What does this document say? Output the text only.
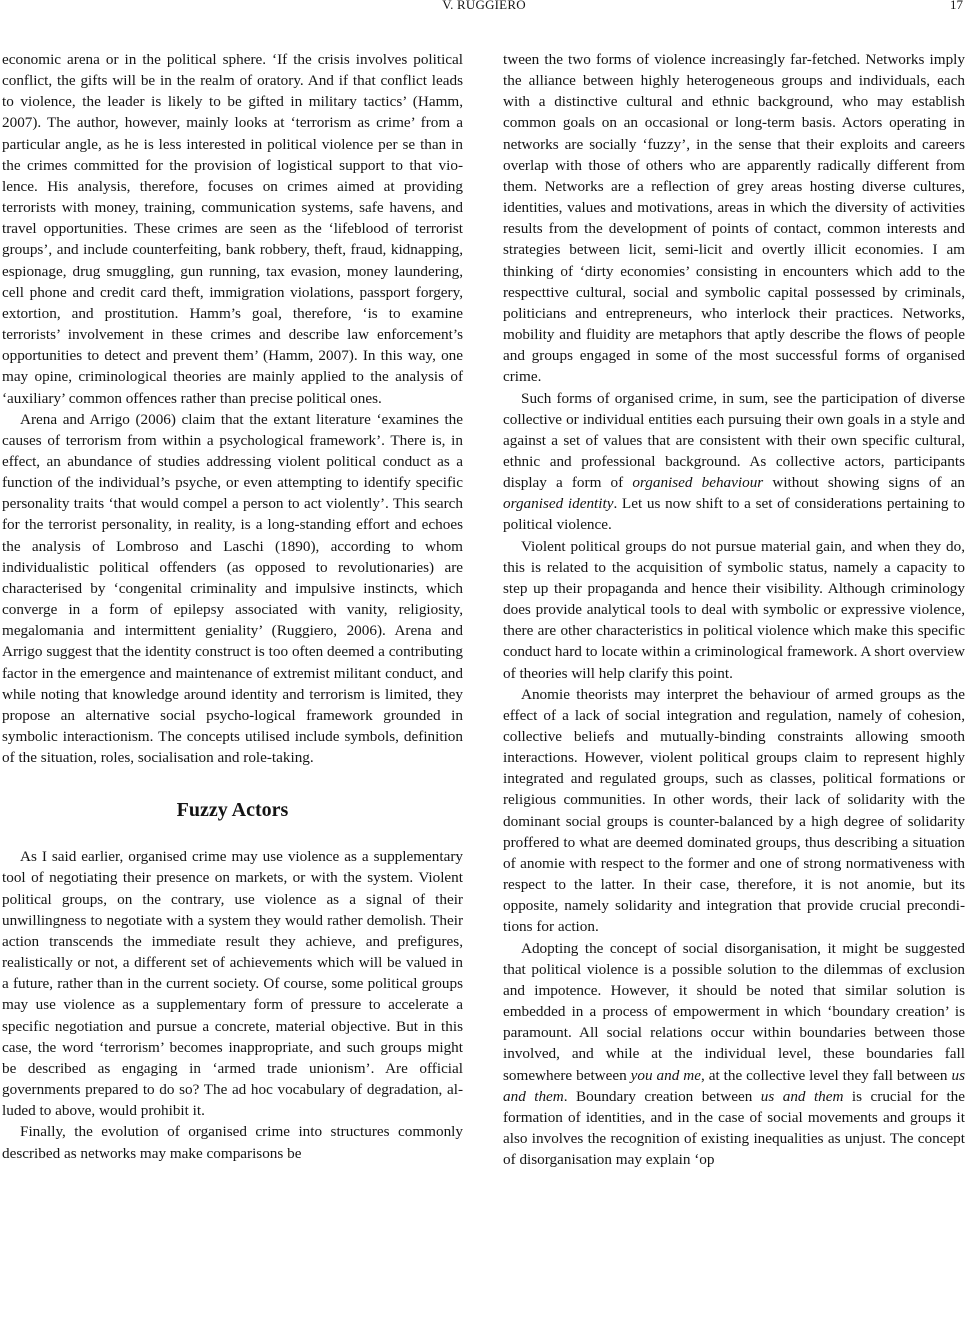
V. RUGGIERO	17

economic arena or in the political sphere. ‘If the crisis involves political conflict, the gifts will be in the realm of oratory. And if that conflict leads to violence, the leader is likely to be gifted in military tactics’ (Hamm, 2007). The author, however, mainly looks at ‘terrorism as crime’ from a particular angle, as he is less interested in political violence per se than in the crimes committed for the provision of logistical support to that violence. His analysis, therefore, focuses on crimes aimed at providing terrorists with money, training, communication systems, safe havens, and travel opportunities. These crimes are seen as the ‘lifeblood of terrorist groups’, and include counterfeiting, bank robbery, theft, fraud, kidnapping, espionage, drug smuggling, gun running, tax evasion, money laundering, cell phone and credit card theft, immigration violations, passport forgery, extortion, and prostitution. Hamm’s goal, therefore, ‘is to examine terrorists’ involvement in these crimes and describe law enforcement’s opportunities to detect and prevent them’ (Hamm, 2007). In this way, one may opine, criminological theories are mainly applied to the analysis of ‘auxiliary’ common offences rather than precise political ones.

Arena and Arrigo (2006) claim that the extant literature ‘examines the causes of terrorism from within a psychological framework’. There is, in effect, an abundance of studies addressing violent political conduct as a function of the individual’s psyche, or even attempting to identify specific personality traits ‘that would compel a person to act violently’. This search for the terrorist personality, in reality, is a long-standing effort and echoes the analysis of Lombroso and Laschi (1890), according to whom individualistic political offenders (as opposed to revolutionaries) are characterised by ‘congenital criminality and impulsive instincts, which converge in a form of epilepsy associated with vanity, religiosity, megalomania and intermittent geniality’ (Ruggiero, 2006). Arena and Arrigo suggest that the identity construct is too often deemed a contributing factor in the emergence and maintenance of extremist militant conduct, and while noting that knowledge around identity and terrorism is limited, they propose an alternative social psycho-logical framework grounded in symbolic interactionism. The concepts utilised include symbols, definition of the situation, roles, socialisation and role-taking.

Fuzzy Actors

As I said earlier, organised crime may use violence as a supplementary tool of negotiating their presence on markets, or with the system. Violent political groups, on the contrary, use violence as a signal of their unwillingness to negotiate with a system they would rather demolish. Their action transcends the immediate result they achieve, and prefigures, realistically or not, a different set of achievements which will be valued in a future, rather than in the current society. Of course, some political groups may use violence as a supplementary form of pressure to accelerate a specific negotiation and pursue a concrete, material objective. But in this case, the word ‘terrorism’ becomes inappropriate, and such groups might be described as engaging in ‘armed trade unionism’. Are official governments prepared to do so? The ad hoc vocabulary of degradation, alluded to above, would prohibit it.

Finally, the evolution of organised crime into structures commonly described as networks may make comparisons be

tween the two forms of violence increasingly far-fetched. Networks imply the alliance between highly heterogeneous groups and individuals, each with a distinctive cultural and ethnic background, who may establish common goals on an occasional or long-term basis. Actors operating in networks are socially ‘fuzzy’, in the sense that their exploits and careers overlap with those of others who are apparently radically different from them. Networks are a reflection of grey areas hosting diverse cultures, identities, values and motivations, areas in which the diversity of activities results from the development of points of contact, common interests and strategies between licit, semi-licit and overtly illicit economies. I am thinking of ‘dirty economies’ consisting in encounters which add to the respecttive cultural, social and symbolic capital possessed by criminals, politicians and entrepreneurs, who interlock their practices. Networks, mobility and fluidity are metaphors that aptly describe the flows of people and groups engaged in some of the most successful forms of organised crime.

Such forms of organised crime, in sum, see the participation of diverse collective or individual entities each pursuing their own goals in a style and against a set of values that are consistent with their own specific cultural, ethnic and professional background. As collective actors, participants display a form of organised behaviour without showing signs of an organised identity. Let us now shift to a set of considerations pertaining to political violence.

Violent political groups do not pursue material gain, and when they do, this is related to the acquisition of symbolic status, namely a capacity to step up their propaganda and hence their visibility. Although criminology does provide analytical tools to deal with symbolic or expressive violence, there are other characteristics in political violence which make this specific conduct hard to locate within a criminological framework. A short overview of theories will help clarify this point.

Anomie theorists may interpret the behaviour of armed groups as the effect of a lack of social integration and regulation, namely of cohesion, collective beliefs and mutually-binding constraints allowing smooth interactions. However, violent political groups claim to represent highly integrated and regulated groups, such as classes, political formations or religious communities. In other words, their lack of solidarity with the dominant social groups is counter-balanced by a high degree of solidarity proffered to what are deemed dominated groups, thus describing a situation of anomie with respect to the former and one of strong normativeness with respect to the latter. In their case, therefore, it is not anomie, but its opposite, namely solidarity and integration that provide crucial preconditions for action.

Adopting the concept of social disorganisation, it might be suggested that political violence is a possible solution to the dilemmas of exclusion and impotence. However, it should be noted that similar solution is embedded in a process of empowerment in which ‘boundary creation’ is paramount. All social relations occur within boundaries between those involved, and while at the individual level, these boundaries fall somewhere between you and me, at the collective level they fall between us and them. Boundary creation between us and them is crucial for the formation of identities, and in the case of social movements and groups it also involves the recognition of existing inequalities as unjust. The concept of disorganisation may explain ‘op
